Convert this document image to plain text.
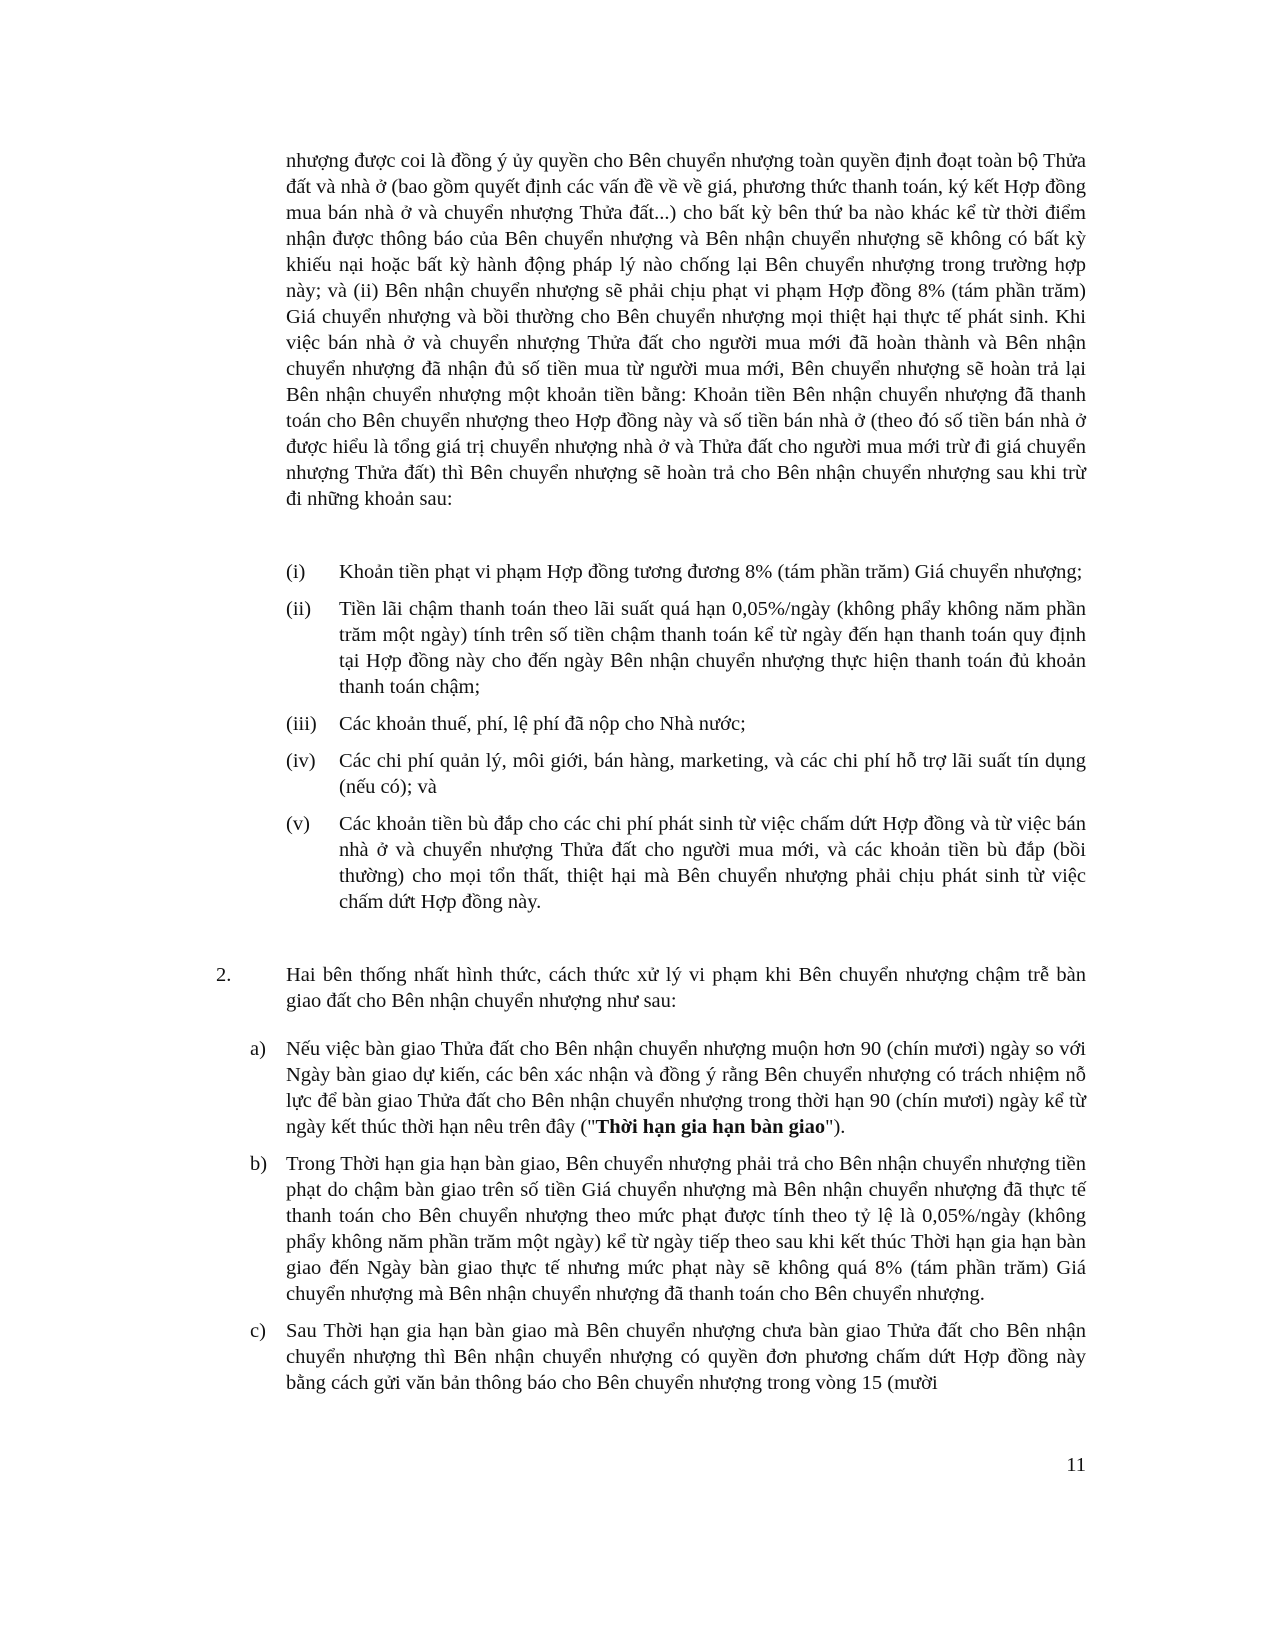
nhượng được coi là đồng ý ủy quyền cho Bên chuyển nhượng toàn quyền định đoạt toàn bộ Thửa đất và nhà ở (bao gồm quyết định các vấn đề về về giá, phương thức thanh toán, ký kết Hợp đồng mua bán nhà ở và chuyển nhượng Thửa đất...) cho bất kỳ bên thứ ba nào khác kể từ thời điểm nhận được thông báo của Bên chuyển nhượng và Bên nhận chuyển nhượng sẽ không có bất kỳ khiếu nại hoặc bất kỳ hành động pháp lý nào chống lại Bên chuyển nhượng trong trường hợp này; và (ii) Bên nhận chuyển nhượng sẽ phải chịu phạt vi phạm Hợp đồng 8% (tám phần trăm) Giá chuyển nhượng và bồi thường cho Bên chuyển nhượng mọi thiệt hại thực tế phát sinh. Khi việc bán nhà ở và chuyển nhượng Thửa đất cho người mua mới đã hoàn thành và Bên nhận chuyển nhượng đã nhận đủ số tiền mua từ người mua mới, Bên chuyển nhượng sẽ hoàn trả lại Bên nhận chuyển nhượng một khoản tiền bằng: Khoản tiền Bên nhận chuyển nhượng đã thanh toán cho Bên chuyển nhượng theo Hợp đồng này và số tiền bán nhà ở (theo đó số tiền bán nhà ở được hiểu là tổng giá trị chuyển nhượng nhà ở và Thửa đất cho người mua mới trừ đi giá chuyển nhượng Thửa đất) thì Bên chuyển nhượng sẽ hoàn trả cho Bên nhận chuyển nhượng sau khi trừ đi những khoản sau:

(i) Khoản tiền phạt vi phạm Hợp đồng tương đương 8% (tám phần trăm) Giá chuyển nhượng;
(ii) Tiền lãi chậm thanh toán theo lãi suất quá hạn 0,05%/ngày (không phẩy không năm phần trăm một ngày) tính trên số tiền chậm thanh toán kể từ ngày đến hạn thanh toán quy định tại Hợp đồng này cho đến ngày Bên nhận chuyển nhượng thực hiện thanh toán đủ khoản thanh toán chậm;
(iii) Các khoản thuế, phí, lệ phí đã nộp cho Nhà nước;
(iv) Các chi phí quản lý, môi giới, bán hàng, marketing, và các chi phí hỗ trợ lãi suất tín dụng (nếu có); và
(v) Các khoản tiền bù đắp cho các chi phí phát sinh từ việc chấm dứt Hợp đồng và từ việc bán nhà ở và chuyển nhượng Thửa đất cho người mua mới, và các khoản tiền bù đắp (bồi thường) cho mọi tổn thất, thiệt hại mà Bên chuyển nhượng phải chịu phát sinh từ việc chấm dứt Hợp đồng này.
2.	Hai bên thống nhất hình thức, cách thức xử lý vi phạm khi Bên chuyển nhượng chậm trễ bàn giao đất cho Bên nhận chuyển nhượng như sau:
a) Nếu việc bàn giao Thửa đất cho Bên nhận chuyển nhượng muộn hơn 90 (chín mươi) ngày so với Ngày bàn giao dự kiến, các bên xác nhận và đồng ý rằng Bên chuyển nhượng có trách nhiệm nỗ lực để bàn giao Thửa đất cho Bên nhận chuyển nhượng trong thời hạn 90 (chín mươi) ngày kể từ ngày kết thúc thời hạn nêu trên đây ("Thời hạn gia hạn bàn giao").
b) Trong Thời hạn gia hạn bàn giao, Bên chuyển nhượng phải trả cho Bên nhận chuyển nhượng tiền phạt do chậm bàn giao trên số tiền Giá chuyển nhượng mà Bên nhận chuyển nhượng đã thực tế thanh toán cho Bên chuyển nhượng theo mức phạt được tính theo tỷ lệ là 0,05%/ngày (không phẩy không năm phần trăm một ngày) kể từ ngày tiếp theo sau khi kết thúc Thời hạn gia hạn bàn giao đến Ngày bàn giao thực tế nhưng mức phạt này sẽ không quá 8% (tám phần trăm) Giá chuyển nhượng mà Bên nhận chuyển nhượng đã thanh toán cho Bên chuyển nhượng.
c) Sau Thời hạn gia hạn bàn giao mà Bên chuyển nhượng chưa bàn giao Thửa đất cho Bên nhận chuyển nhượng thì Bên nhận chuyển nhượng có quyền đơn phương chấm dứt Hợp đồng này bằng cách gửi văn bản thông báo cho Bên chuyển nhượng trong vòng 15 (mười
11
